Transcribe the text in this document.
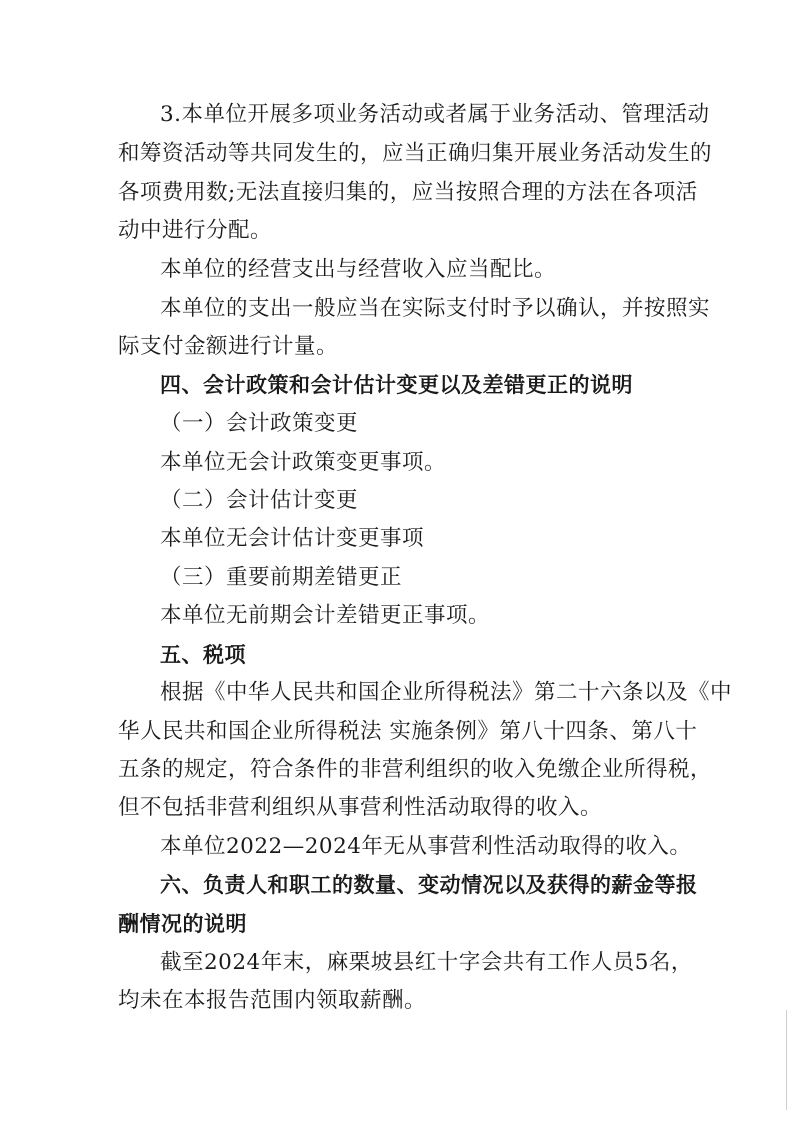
3.本单位开展多项业务活动或者属于业务活动、管理活动
和筹资活动等共同发生的，应当正确归集开展业务活动发生的
各项费用数;无法直接归集的，应当按照合理的方法在各项活
动中进行分配。
本单位的经营支出与经营收入应当配比。
本单位的支出一般应当在实际支付时予以确认，并按照实
际支付金额进行计量。
四、会计政策和会计估计变更以及差错更正的说明
（一）会计政策变更
本单位无会计政策变更事项。
（二）会计估计变更
本单位无会计估计变更事项
（三）重要前期差错更正
本单位无前期会计差错更正事项。
五、税项
根据《中华人民共和国企业所得税法》第二十六条以及《中
华人民共和国企业所得税法 实施条例》第八十四条、第八十
五条的规定，符合条件的非营利组织的收入免缴企业所得税，
但不包括非营利组织从事营利性活动取得的收入。
本单位2022—2024年无从事营利性活动取得的收入。
六、负责人和职工的数量、变动情况以及获得的薪金等报
酬情况的说明
截至2024年末，麻栗坡县红十字会共有工作人员5名，
均未在本报告范围内领取薪酬。
